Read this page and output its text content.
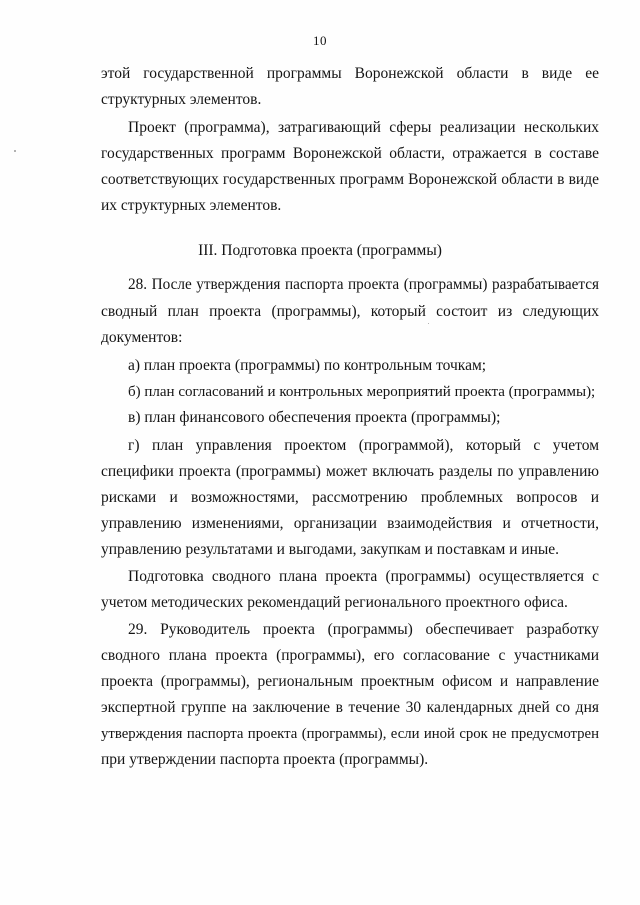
10

этой государственной программы Воронежской области в виде ее

структурных элементов.

Проект (программа), затрагивающий сферы реализации нескольких

государственных программ Воронежской области, отражается в составе

соответствующих государственных программ Воронежской области в виде

их структурных элементов.

III. Подготовка проекта (программы)

28. После утверждения паспорта проекта (программы) разрабатывается

сводный план проекта (программы), который состоит из следующих

документов:

а) план проекта (программы) по контрольным точкам;

б) план согласований и контрольных мероприятий проекта (программы);

в) план финансового обеспечения проекта (программы);

г) план управления проектом (программой), который с учетом

специфики проекта (программы) может включать разделы по управлению

рисками и возможностями, рассмотрению проблемных вопросов и

управлению изменениями, организации взаимодействия и отчетности,

управлению результатами и выгодами, закупкам и поставкам и иные.

Подготовка сводного плана проекта (программы) осуществляется с

учетом методических рекомендаций регионального проектного офиса.

29. Руководитель проекта (программы) обеспечивает разработку

сводного плана проекта (программы), его согласование с участниками

проекта (программы), региональным проектным офисом и направление

экспертной группе на заключение в течение 30 календарных дней со дня

утверждения паспорта проекта (программы), если иной срок не предусмотрен

при утверждении паспорта проекта (программы).
